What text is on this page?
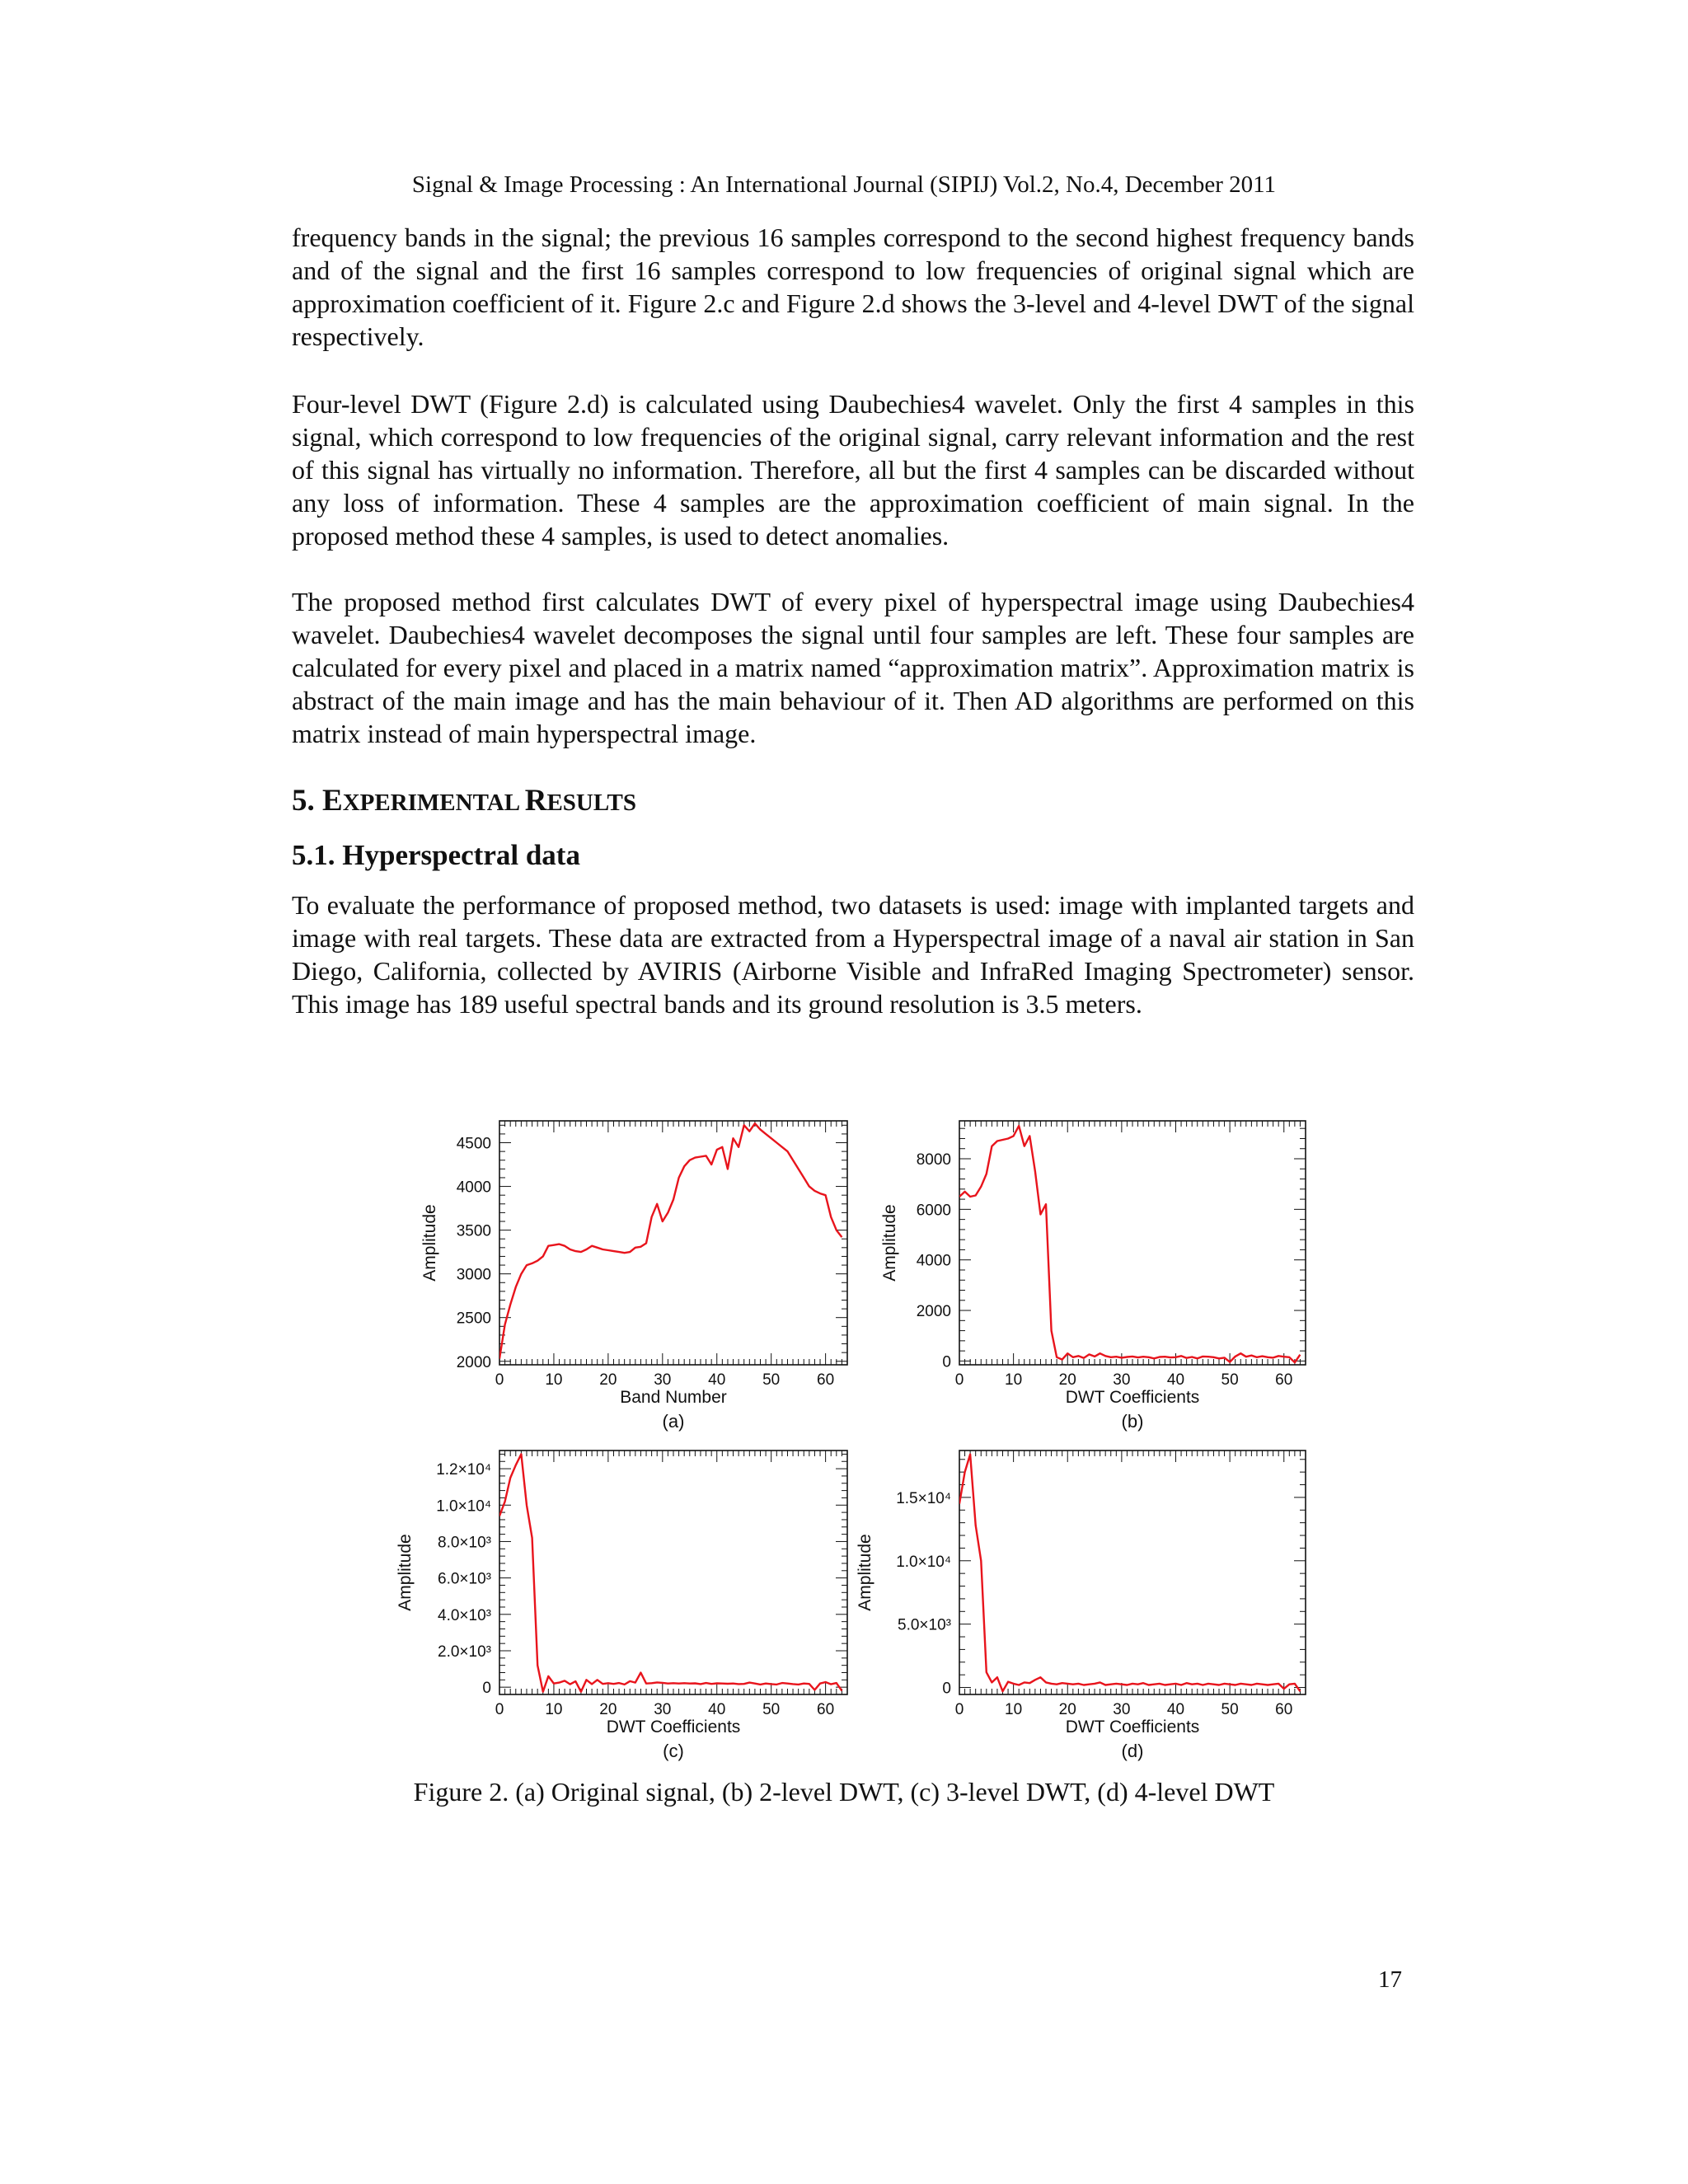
Signal & Image Processing : An International Journal (SIPIJ) Vol.2, No.4, December 2011

frequency bands in the signal; the previous 16 samples correspond to the second highest frequency bands and of the signal and the first 16 samples correspond to low frequencies of original signal which are approximation coefficient of it. Figure 2.c and Figure 2.d shows the 3-level and 4-level DWT of the signal respectively.

Four-level DWT (Figure 2.d) is calculated using Daubechies4 wavelet. Only the first 4 samples in this signal, which correspond to low frequencies of the original signal, carry relevant information and the rest of this signal has virtually no information. Therefore, all but the first 4 samples can be discarded without any loss of information. These 4 samples are the approximation coefficient of main signal. In the proposed method these 4 samples, is used to detect anomalies.

The proposed method first calculates DWT of every pixel of hyperspectral image using Daubechies4 wavelet. Daubechies4 wavelet decomposes the signal until four samples are left. These four samples are calculated for every pixel and placed in a matrix named “approximation matrix”. Approximation matrix is abstract of the main image and has the main behaviour of it. Then AD algorithms are performed on this matrix instead of main hyperspectral image.

5. EXPERIMENTAL RESULTS
5.1. Hyperspectral data

To evaluate the performance of proposed method, two datasets is used: image with implanted targets and image with real targets. These data are extracted from a Hyperspectral image of a naval air station in San Diego, California, collected by AVIRIS (Airborne Visible and InfraRed Imaging Spectrometer) sensor. This image has 189 useful spectral bands and its ground resolution is 3.5 meters.

0	10 20 30 40 50 60
2000
2500
3000
3500
4000
4500
Band Number
Amplitude
(a)
0	10 20 30 40 50 60
0
2000
4000
6000
8000
DWT Coefficients
Amplitude
(b)
0	10 20 30 40 50 60
0
2.0×10³
4.0×10³
6.0×10³
8.0×10³
1.0×10⁴
1.2×10⁴
DWT Coefficients
Amplitude
(c)
0	10 20 30 40 50 60
0
5.0×10³
1.0×10⁴
1.5×10⁴
DWT Coefficients
Amplitude
(d)
Figure 2. (a) Original signal, (b) 2-level DWT, (c) 3-level DWT, (d) 4-level DWT
17
